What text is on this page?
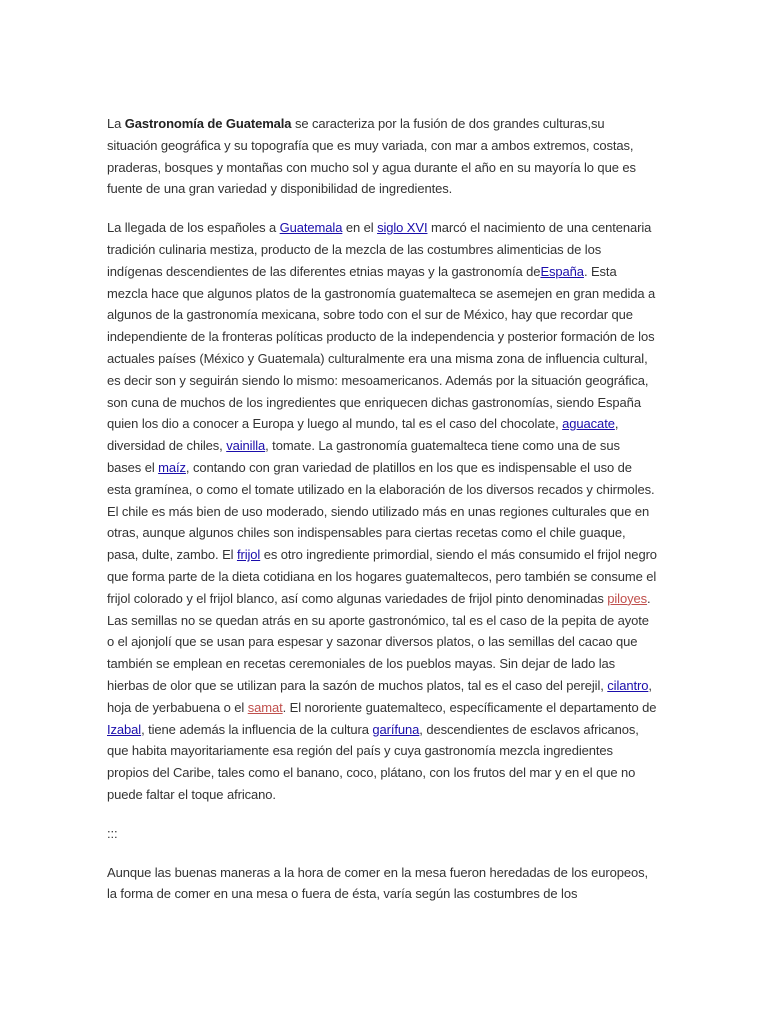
La Gastronomía de Guatemala se caracteriza por la fusión de dos grandes culturas,su situación geográfica y su topografía que es muy variada, con mar a ambos extremos, costas, praderas, bosques y montañas con mucho sol y agua durante el año en su mayoría lo que es fuente de una gran variedad y disponibilidad de ingredientes.

La llegada de los españoles a Guatemala en el siglo XVI marcó el nacimiento de una centenaria tradición culinaria mestiza, producto de la mezcla de las costumbres alimenticias de los indígenas descendientes de las diferentes etnias mayas y la gastronomía deEspaña. Esta mezcla hace que algunos platos de la gastronomía guatemalteca se asemejen en gran medida a algunos de la gastronomía mexicana, sobre todo con el sur de México, hay que recordar que independiente de la fronteras políticas producto de la independencia y posterior formación de los actuales países (México y Guatemala) culturalmente era una misma zona de influencia cultural, es decir son y seguirán siendo lo mismo: mesoamericanos. Además por la situación geográfica, son cuna de muchos de los ingredientes que enriquecen dichas gastronomías, siendo España quien los dio a conocer a Europa y luego al mundo, tal es el caso del chocolate, aguacate, diversidad de chiles, vainilla, tomate. La gastronomía guatemalteca tiene como una de sus bases el maíz, contando con gran variedad de platillos en los que es indispensable el uso de esta gramínea, o como el tomate utilizado en la elaboración de los diversos recados y chirmoles. El chile es más bien de uso moderado, siendo utilizado más en unas regiones culturales que en otras, aunque algunos chiles son indispensables para ciertas recetas como el chile guaque, pasa, dulte, zambo. El frijol es otro ingrediente primordial, siendo el más consumido el frijol negro que forma parte de la dieta cotidiana en los hogares guatemaltecos, pero también se consume el frijol colorado y el frijol blanco, así como algunas variedades de frijol pinto denominadas piloyes. Las semillas no se quedan atrás en su aporte gastronómico, tal es el caso de la pepita de ayote o el ajonjolí que se usan para espesar y sazonar diversos platos, o las semillas del cacao que también se emplean en recetas ceremoniales de los pueblos mayas. Sin dejar de lado las hierbas de olor que se utilizan para la sazón de muchos platos, tal es el caso del perejil, cilantro, hoja de yerbabuena o el samat. El nororiente guatemalteco, específicamente el departamento de Izabal, tiene además la influencia de la cultura garífuna, descendientes de esclavos africanos, que habita mayoritariamente esa región del país y cuya gastronomía mezcla ingredientes propios del Caribe, tales como el banano, coco, plátano, con los frutos del mar y en el que no puede faltar el toque africano.

:::

Aunque las buenas maneras a la hora de comer en la mesa fueron heredadas de los europeos, la forma de comer en una mesa o fuera de ésta, varía según las costumbres de los
